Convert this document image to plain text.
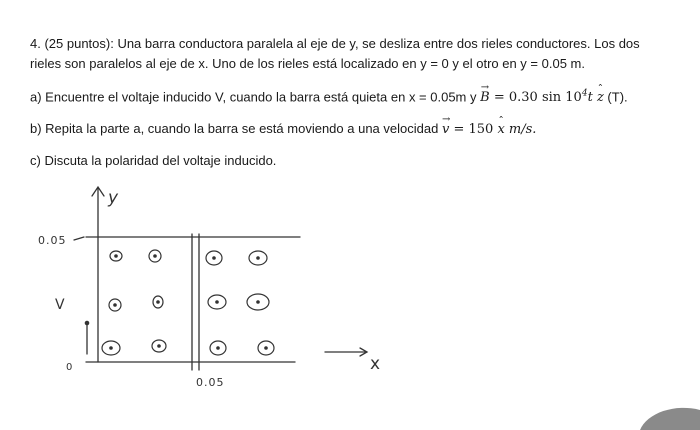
4. (25 puntos): Una barra conductora paralela al eje de y, se desliza entre dos rieles conductores. Los dos rieles son paralelos al eje de x. Uno de los rieles está localizado en y = 0 y el otro en y = 0.05 m.

a) Encuentre el voltaje inducido V, cuando la barra está quieta en x = 0.05m y → B = 0.30 $\sin 10^4t$ ˆ z (T).

b) Repita la parte a, cuando la barra se está moviendo a una velocidad → v = 150 ˆ x m/s.

c) Discuta la polaridad del voltaje inducido.

y
x
0.05
0
V
0.05
